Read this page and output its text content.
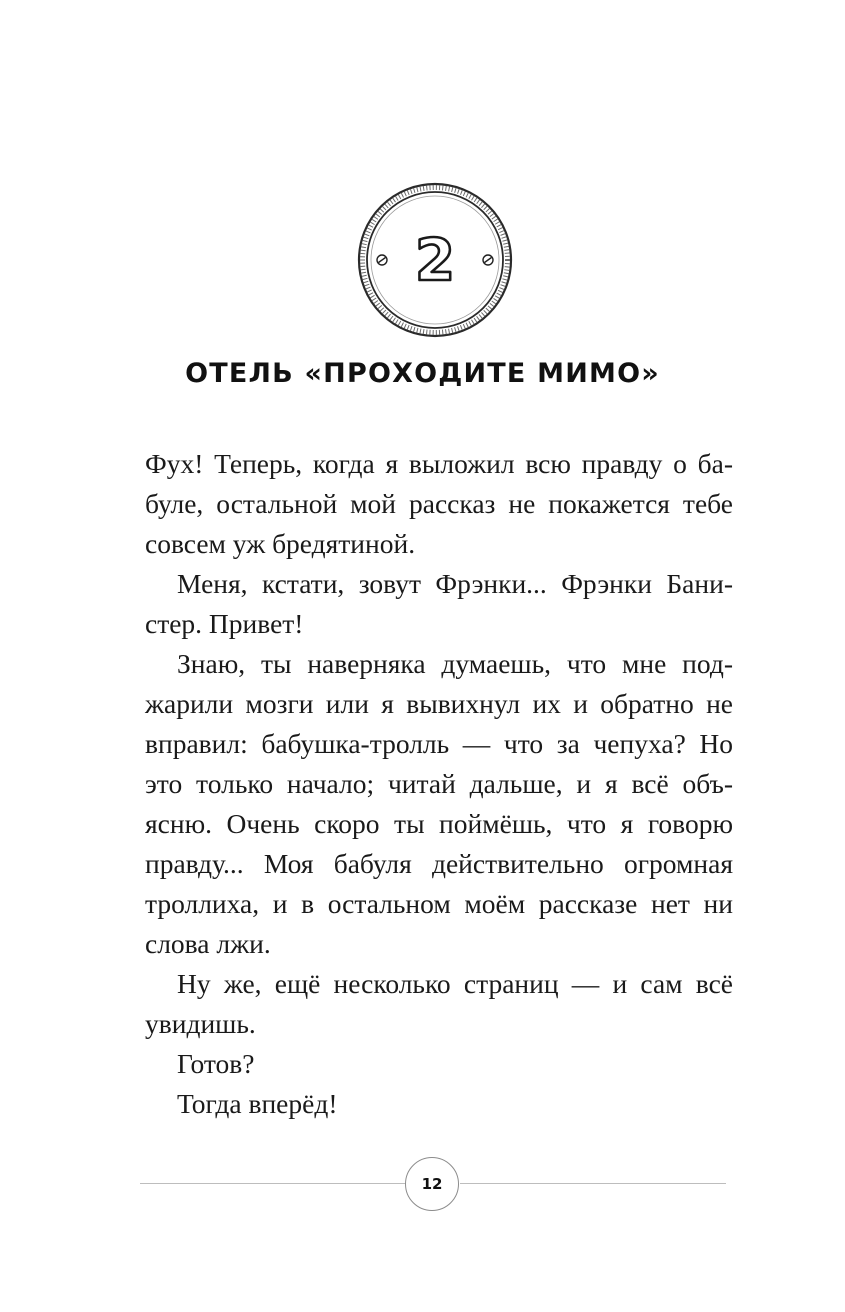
2
ОТЕЛЬ «ПРОХОДИТЕ МИМО»

Фух! Теперь, когда я выложил всю правду о бабуле, остальной мой рассказ не покажется тебе совсем уж бредятиной.

Меня, кстати, зовут Фрэнки... Фрэнки Банистер. Привет!

Знаю, ты наверняка думаешь, что мне поджарили мозги или я вывихнул их и обратно не вправил: бабушка-тролль — что за чепуха? Но это только начало; читай дальше, и я всё объясню. Очень скоро ты поймёшь, что я говорю правду... Моя бабуля действительно огромная троллиха, и в остальном моём рассказе нет ни слова лжи.

Ну же, ещё несколько страниц — и сам всё увидишь.

Готов?

Тогда вперёд!

12
